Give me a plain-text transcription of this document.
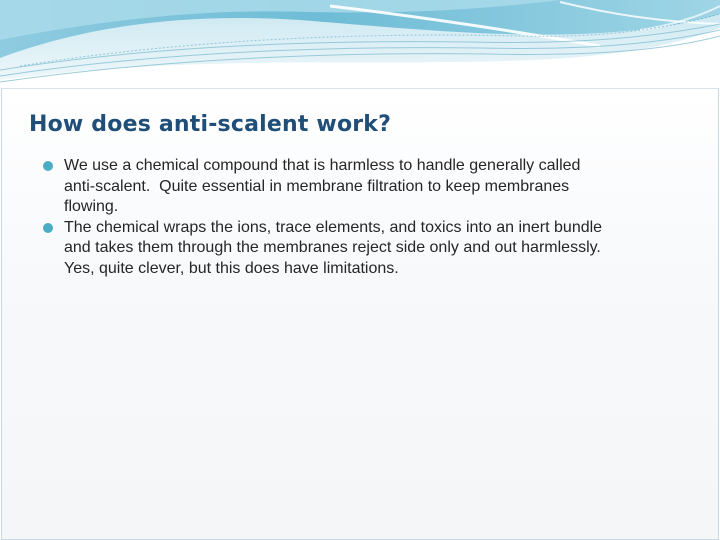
How does anti-scalent work?
We use a chemical compound that is harmless to handle generally called
anti-scalent.  Quite essential in membrane filtration to keep membranes
flowing.
The chemical wraps the ions, trace elements, and toxics into an inert bundle
and takes them through the membranes reject side only and out harmlessly.
Yes, quite clever, but this does have limitations.
